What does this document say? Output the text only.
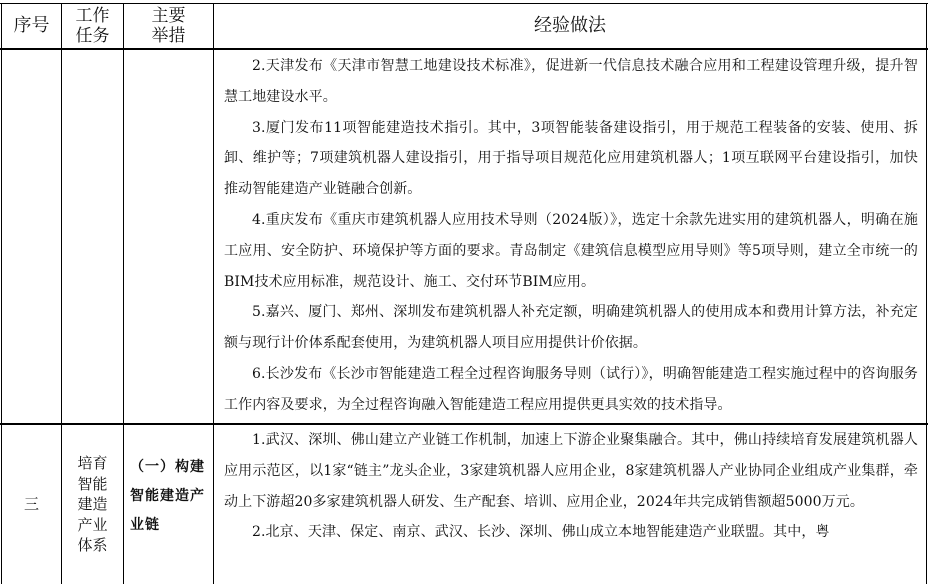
序号 工作任务
主要举措	经验做法

2.天津发布《天津市智慧工地建设技术标准》，促进新一代信息技术融合应用和工程建设管理升级，提升智慧工地建设水平。

3.厦门发布11项智能建造技术指引。其中，3项智能装备建设指引，用于规范工程装备的安装、使用、拆卸、维护等；7项建筑机器人建设指引，用于指导项目规范化应用建筑机器人；1项互联网平台建设指引，加快推动智能建造产业链融合创新。

4.重庆发布《重庆市建筑机器人应用技术导则（2024版）》，选定十余款先进实用的建筑机器人，明确在施工应用、安全防护、环境保护等方面的要求。青岛制定《建筑信息模型应用导则》等5项导则，建立全市统一的BIM技术应用标准，规范设计、施工、交付环节BIM应用。

5.嘉兴、厦门、郑州、深圳发布建筑机器人补充定额，明确建筑机器人的使用成本和费用计算方法，补充定额与现行计价体系配套使用，为建筑机器人项目应用提供计价依据。

6.长沙发布《长沙市智能建造工程全过程咨询服务导则（试行）》，明确智能建造工程实施过程中的咨询服务工作内容及要求，为全过程咨询融入智能建造工程应用提供更具实效的技术指导。

三
培育智能建造产业体系
（一）构建智能建造产业链

1.武汉、深圳、佛山建立产业链工作机制，加速上下游企业聚集融合。其中，佛山持续培育发展建筑机器人应用示范区，以1家“链主”龙头企业，3家建筑机器人应用企业，8家建筑机器人产业协同企业组成产业集群，牵动上下游超20多家建筑机器人研发、生产配套、培训、应用企业，2024年共完成销售额超5000万元。

2.北京、天津、保定、南京、武汉、长沙、深圳、佛山成立本地智能建造产业联盟。其中，粤
